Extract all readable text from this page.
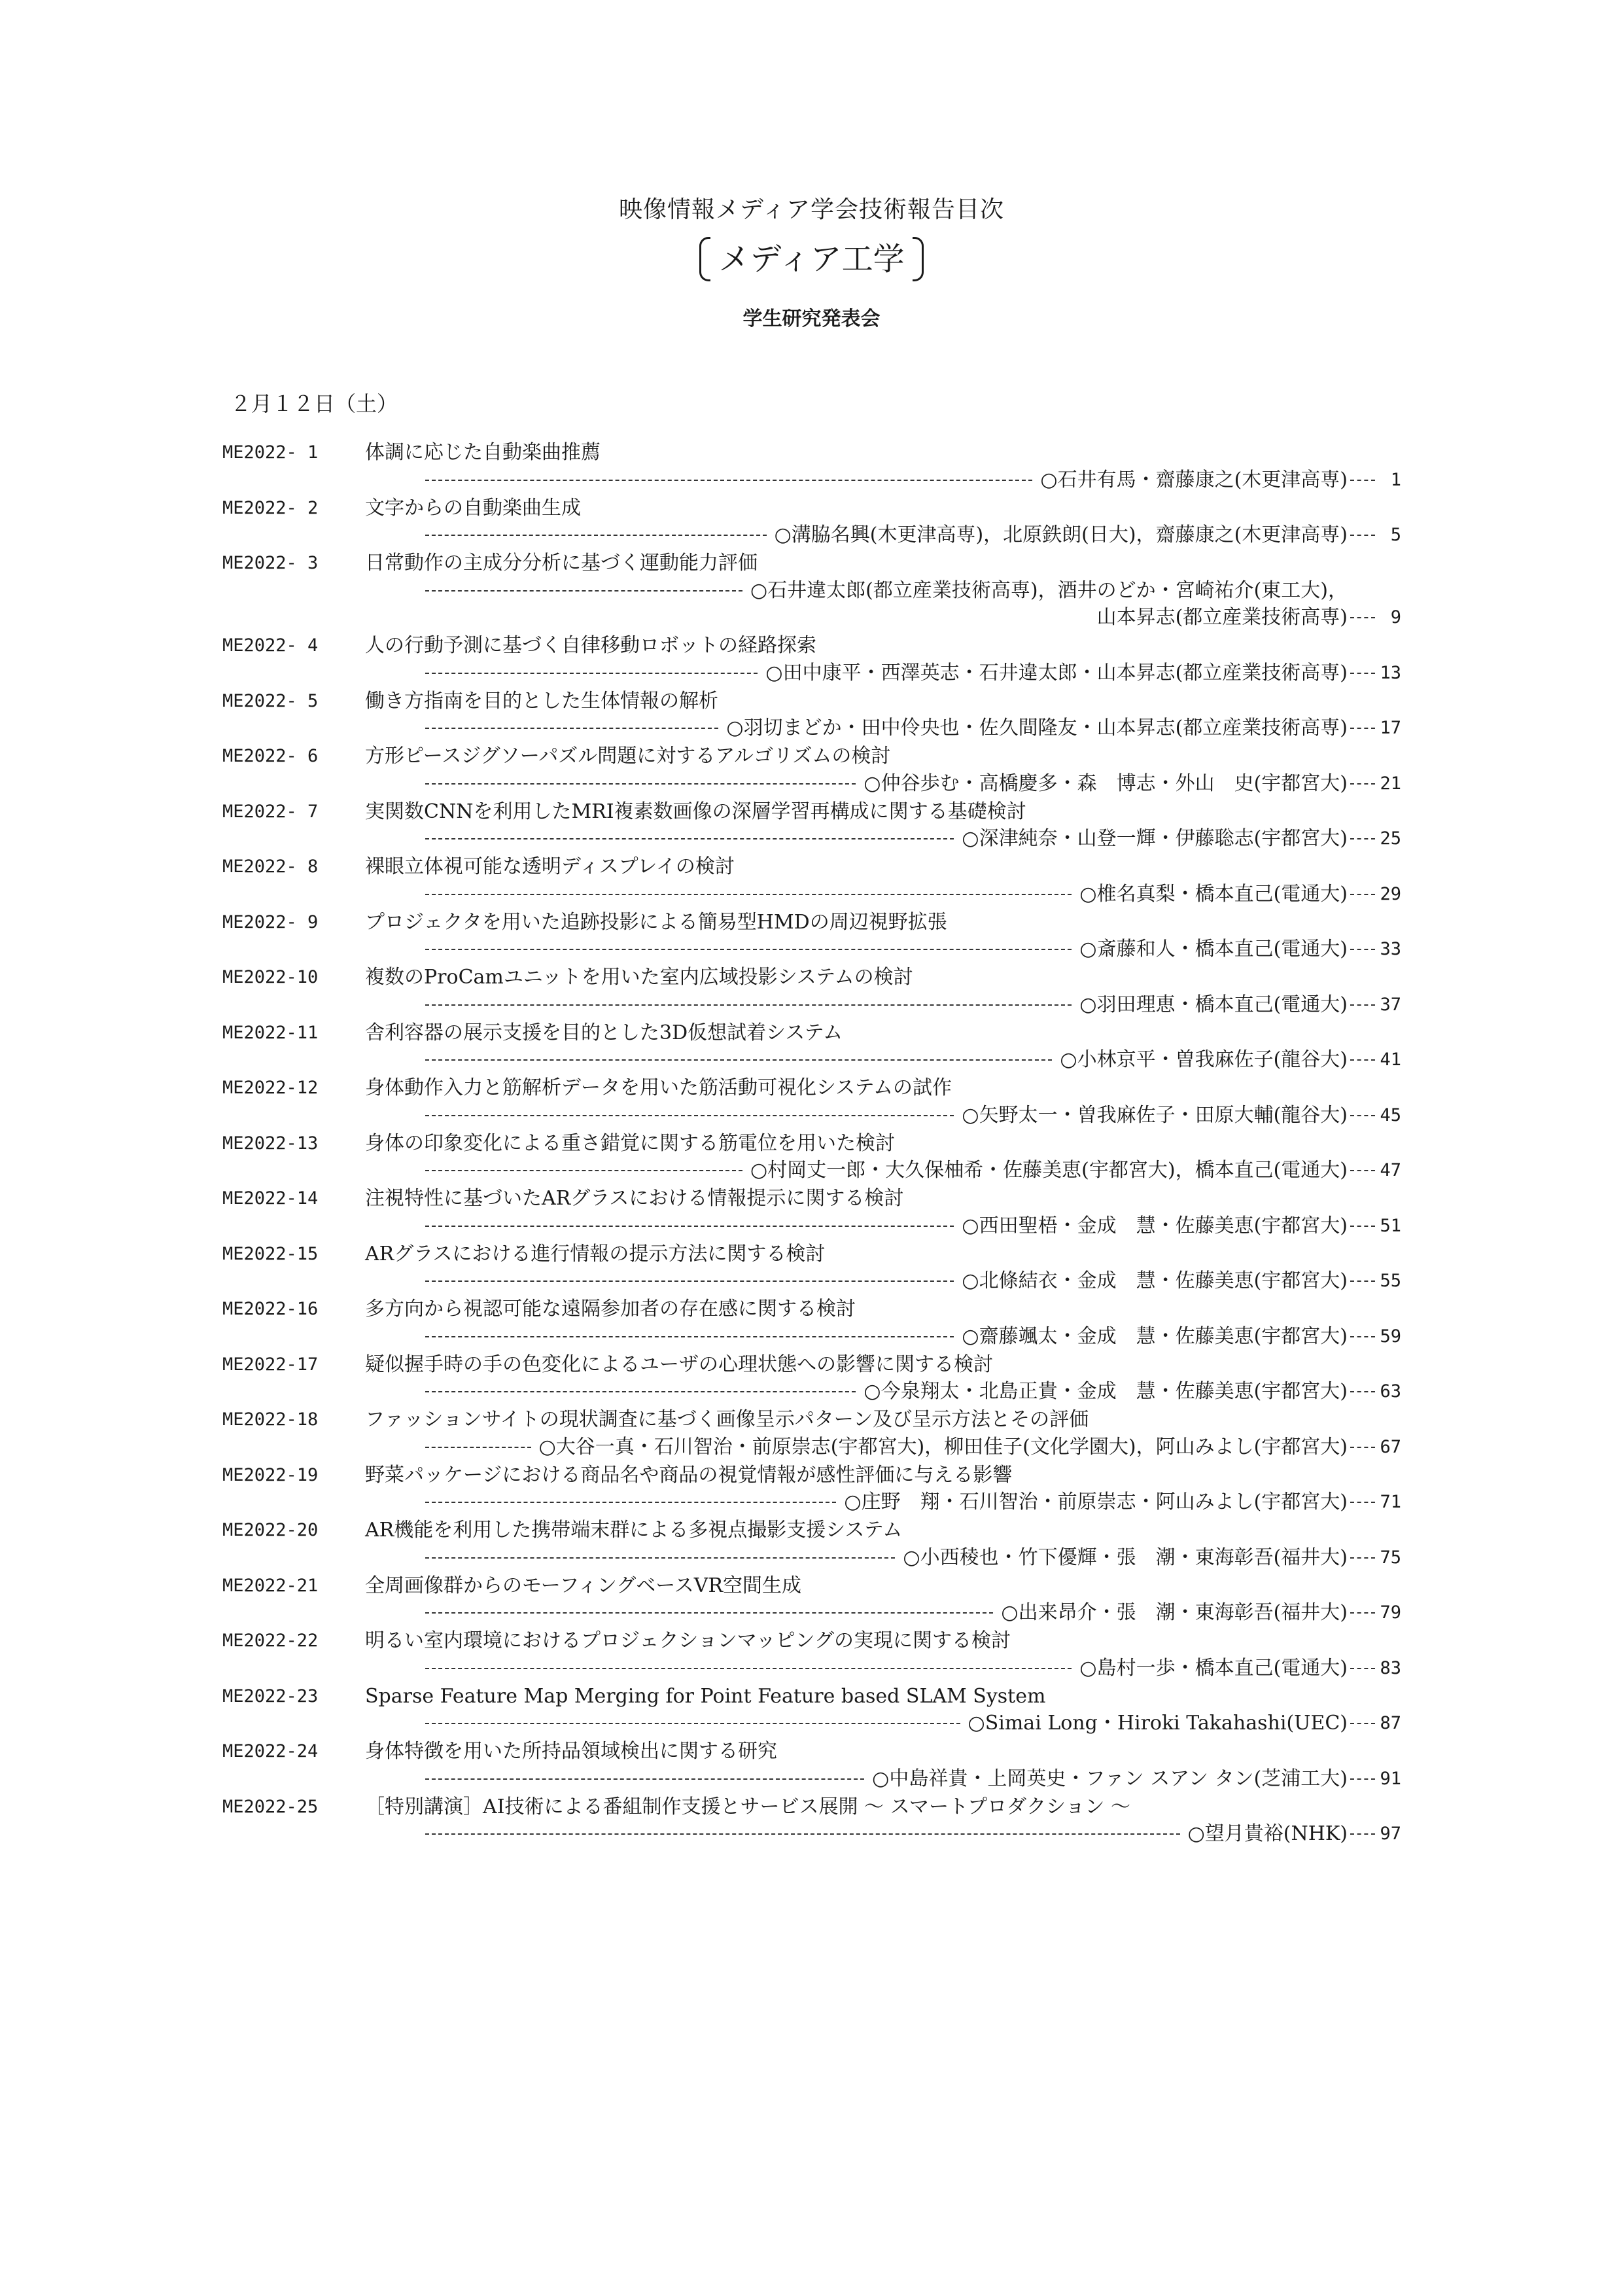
映像情報メディア学会技術報告目次
メディア工学
学生研究発表会
２月１２日（土）
ME2022- 1 体調に応じた自動楽曲推薦
1
○石井有馬・齋藤康之(木更津高専)
ME2022- 2 文字からの自動楽曲生成
5
○溝脇名興(木更津高専)，北原鉄朗(日大)，齋藤康之(木更津高専)
ME2022- 3 日常動作の主成分分析に基づく運動能力評価
○石井違太郎(都立産業技術高専)，酒井のどか・宮崎祐介(東工大)，
9
山本昇志(都立産業技術高専)
ME2022- 4 人の行動予測に基づく自律移動ロボットの経路探索
13
○田中康平・西澤英志・石井違太郎・山本昇志(都立産業技術高専)
ME2022- 5 働き方指南を目的とした生体情報の解析
17
○羽切まどか・田中伶央也・佐久間隆友・山本昇志(都立産業技術高専)
ME2022- 6 方形ピースジグソーパズル問題に対するアルゴリズムの検討
21
○仲谷歩む・高橋慶多・森　博志・外山　史(宇都宮大)
ME2022- 7 実関数CNNを利用したMRI複素数画像の深層学習再構成に関する基礎検討
25
○深津純奈・山登一輝・伊藤聡志(宇都宮大)
ME2022- 8 裸眼立体視可能な透明ディスプレイの検討
29
○椎名真梨・橋本直己(電通大)
ME2022- 9 プロジェクタを用いた追跡投影による簡易型HMDの周辺視野拡張
33
○斎藤和人・橋本直己(電通大)
ME2022-10 複数のProCamユニットを用いた室内広域投影システムの検討
37
○羽田理恵・橋本直己(電通大)
ME2022-11 舎利容器の展示支援を目的とした3D仮想試着システム
41
○小林京平・曽我麻佐子(龍谷大)
ME2022-12 身体動作入力と筋解析データを用いた筋活動可視化システムの試作
45
○矢野太一・曽我麻佐子・田原大輔(龍谷大)
ME2022-13 身体の印象変化による重さ錯覚に関する筋電位を用いた検討
47
○村岡丈一郎・大久保柚希・佐藤美恵(宇都宮大)，橋本直己(電通大)
ME2022-14 注視特性に基づいたARグラスにおける情報提示に関する検討
51
○西田聖梧・金成　慧・佐藤美恵(宇都宮大)
ME2022-15 ARグラスにおける進行情報の提示方法に関する検討
55
○北條結衣・金成　慧・佐藤美恵(宇都宮大)
ME2022-16 多方向から視認可能な遠隔参加者の存在感に関する検討
59
○齋藤颯太・金成　慧・佐藤美恵(宇都宮大)
ME2022-17 疑似握手時の手の色変化によるユーザの心理状態への影響に関する検討
63
○今泉翔太・北島正貴・金成　慧・佐藤美恵(宇都宮大)
ME2022-18 ファッションサイトの現状調査に基づく画像呈示パターン及び呈示方法とその評価
67
○大谷一真・石川智治・前原崇志(宇都宮大)，柳田佳子(文化学園大)，阿山みよし(宇都宮大)
ME2022-19 野菜パッケージにおける商品名や商品の視覚情報が感性評価に与える影響
71
○庄野　翔・石川智治・前原崇志・阿山みよし(宇都宮大)
ME2022-20 AR機能を利用した携帯端末群による多視点撮影支援システム
75
○小西稜也・竹下優輝・張　潮・東海彰吾(福井大)
ME2022-21 全周画像群からのモーフィングベースVR空間生成
79
○出来昂介・張　潮・東海彰吾(福井大)
ME2022-22 明るい室内環境におけるプロジェクションマッピングの実現に関する検討
83
○島村一歩・橋本直己(電通大)
ME2022-23 Sparse Feature Map Merging for Point Feature based SLAM System
87
○Simai Long・Hiroki Takahashi(UEC)
ME2022-24 身体特徴を用いた所持品領域検出に関する研究
91
○中島祥貴・上岡英史・ファン スアン タン(芝浦工大)
ME2022-25 ［特別講演］AI技術による番組制作支援とサービス展開 〜 スマートプロダクション 〜
97
○望月貴裕(NHK)
